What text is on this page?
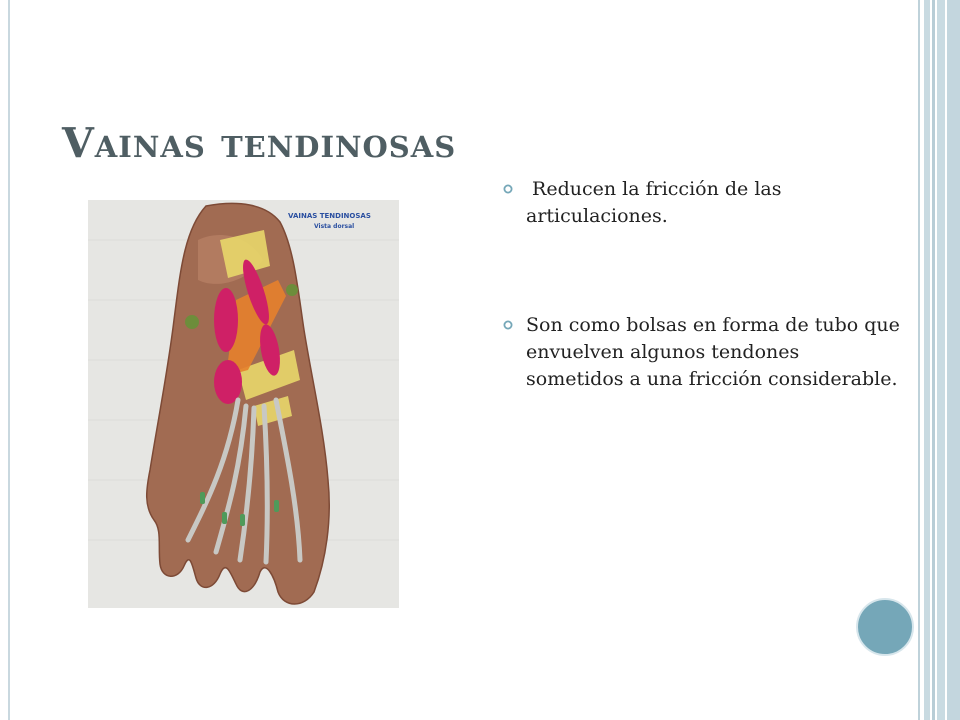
Vainas tendinosas
VAINAS TENDINOSAS
Vista dorsal
Reducen la fricción de las articulaciones.
Son como bolsas en forma de tubo que envuelven algunos tendones sometidos a una fricción considerable.
